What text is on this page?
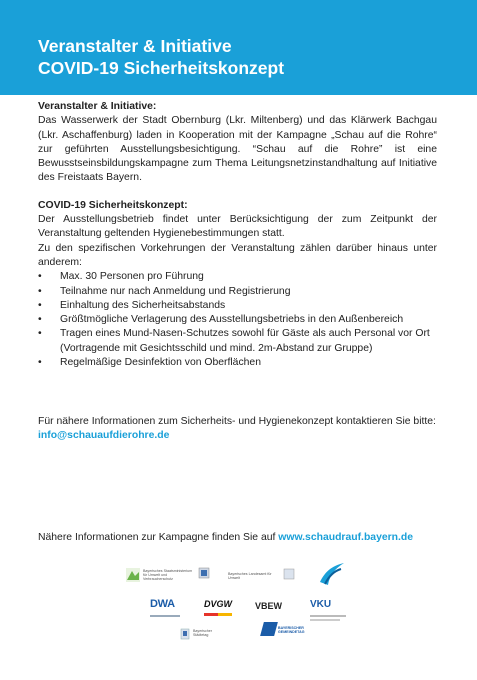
Veranstalter & Initiative
COVID-19 Sicherheitskonzept

Veranstalter & Initiative:

Das Wasserwerk der Stadt Obernburg (Lkr. Miltenberg) und das Klärwerk Bachgau (Lkr. Aschaffenburg) laden in Kooperation mit der Kampagne „Schau auf die Rohre“ zur geführten Ausstellungsbesichtigung. “Schau auf die Rohre” ist eine Bewusstseinsbildungskampagne zum Thema Leitungsnetzinstandhaltung auf Initiative des Freistaats Bayern.

COVID-19 Sicherheitskonzept:

Der Ausstellungsbetrieb findet unter Berücksichtigung der zum Zeitpunkt der Veranstaltung geltenden Hygienebestimmungen statt.

Zu den spezifischen Vorkehrungen der Veranstaltung zählen darüber hinaus unter anderem:

• Max. 30 Personen pro Führung
• Teilnahme nur nach Anmeldung und Registrierung
• Einhaltung des Sicherheitsabstands
• Größtmögliche Verlagerung des Ausstellungsbetriebs in den Außenbereich
• Tragen eines Mund-Nasen-Schutzes sowohl für Gäste als auch Personal vor Ort (Vortragende mit Gesichtsschild und mind. 2m-Abstand zur Gruppe)
• Regelmäßige Desinfektion von Oberflächen
Für nähere Informationen zum Sicherheits- und Hygienekonzept kontaktieren Sie bitte:
info@schauaufdierohre.de
Nähere Informationen zur Kampagne finden Sie auf www.schaudrauf.bayern.de
Bayerisches Staatsministerium für Umwelt und Verbraucherschutz
Bayerisches Landesamt für Umwelt
DWA	DVGW	VBEW	VKU
Bayerischer Städtetag
BAYERISCHER GEMEINDETAG
